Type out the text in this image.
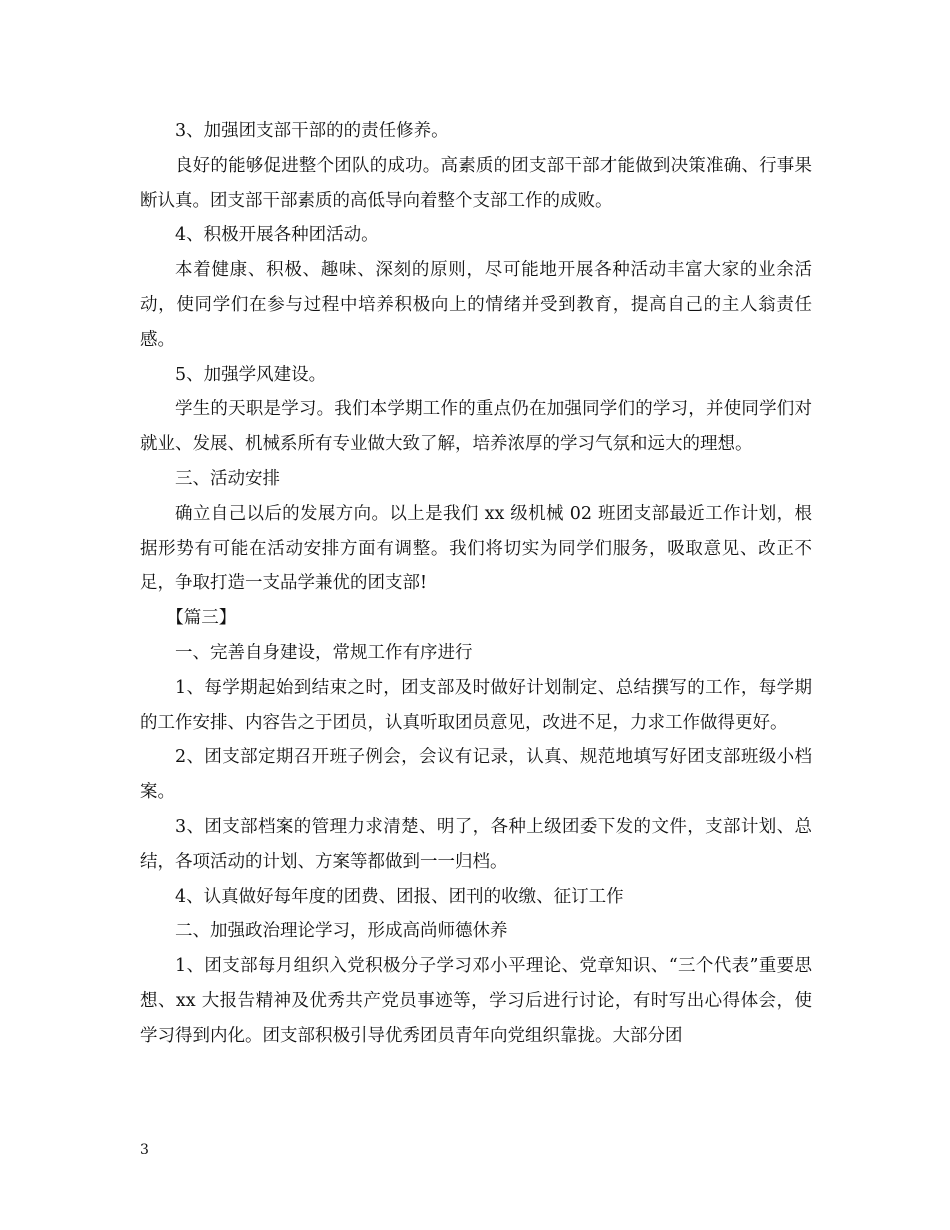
3、加强团支部干部的的责任修养。

良好的能够促进整个团队的成功。高素质的团支部干部才能做到决策准确、行事果断认真。团支部干部素质的高低导向着整个支部工作的成败。

4、积极开展各种团活动。

本着健康、积极、趣味、深刻的原则，尽可能地开展各种活动丰富大家的业余活动，使同学们在参与过程中培养积极向上的情绪并受到教育，提高自己的主人翁责任感。

5、加强学风建设。

学生的天职是学习。我们本学期工作的重点仍在加强同学们的学习，并使同学们对就业、发展、机械系所有专业做大致了解，培养浓厚的学习气氛和远大的理想。

三、活动安排

确立自己以后的发展方向。以上是我们 xx 级机械 02 班团支部最近工作计划，根据形势有可能在活动安排方面有调整。我们将切实为同学们服务，吸取意见、改正不足，争取打造一支品学兼优的团支部!

【篇三】

一、完善自身建设，常规工作有序进行

1、每学期起始到结束之时，团支部及时做好计划制定、总结撰写的工作，每学期的工作安排、内容告之于团员，认真听取团员意见，改进不足，力求工作做得更好。

2、团支部定期召开班子例会，会议有记录，认真、规范地填写好团支部班级小档案。

3、团支部档案的管理力求清楚、明了，各种上级团委下发的文件，支部计划、总结，各项活动的计划、方案等都做到一一归档。

4、认真做好每年度的团费、团报、团刊的收缴、征订工作

二、加强政治理论学习，形成高尚师德休养

1、团支部每月组织入党积极分子学习邓小平理论、党章知识、“三个代表”重要思想、xx 大报告精神及优秀共产党员事迹等，学习后进行讨论，有时写出心得体会，使学习得到内化。团支部积极引导优秀团员青年向党组织靠拢。大部分团

3
